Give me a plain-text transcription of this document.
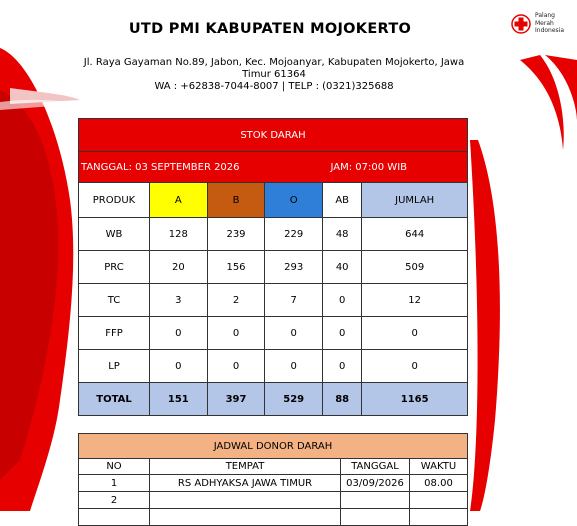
Palang
Merah
Indonesia
UTD PMI KABUPATEN MOJOKERTO
Jl. Raya Gayaman No.89, Jabon, Kec. Mojoanyar, Kabupaten Mojokerto, Jawa
Timur 61364
WA : +62838-7044-8007 | TELP : (0321)325688
STOK DARAH					

TANGGAL: 03 SEPTEMBER 2026 JAM: 07:00 WIB					

PRODUK	A	B	O	AB	JUMLAH
WB	128	239	229	48	644
PRC	20	156	293	40	509
TC	3	2	7	0	12
FFP	0	0	0	0	0
LP	0	0	0	0	0
TOTAL	151	397	529	88	1165
JADWAL DONOR DARAH			
NO	TEMPAT	TANGGAL	WAKTU
1	RS ADHYAKSA JAWA TIMUR	03/09/2026	08.00
2			
